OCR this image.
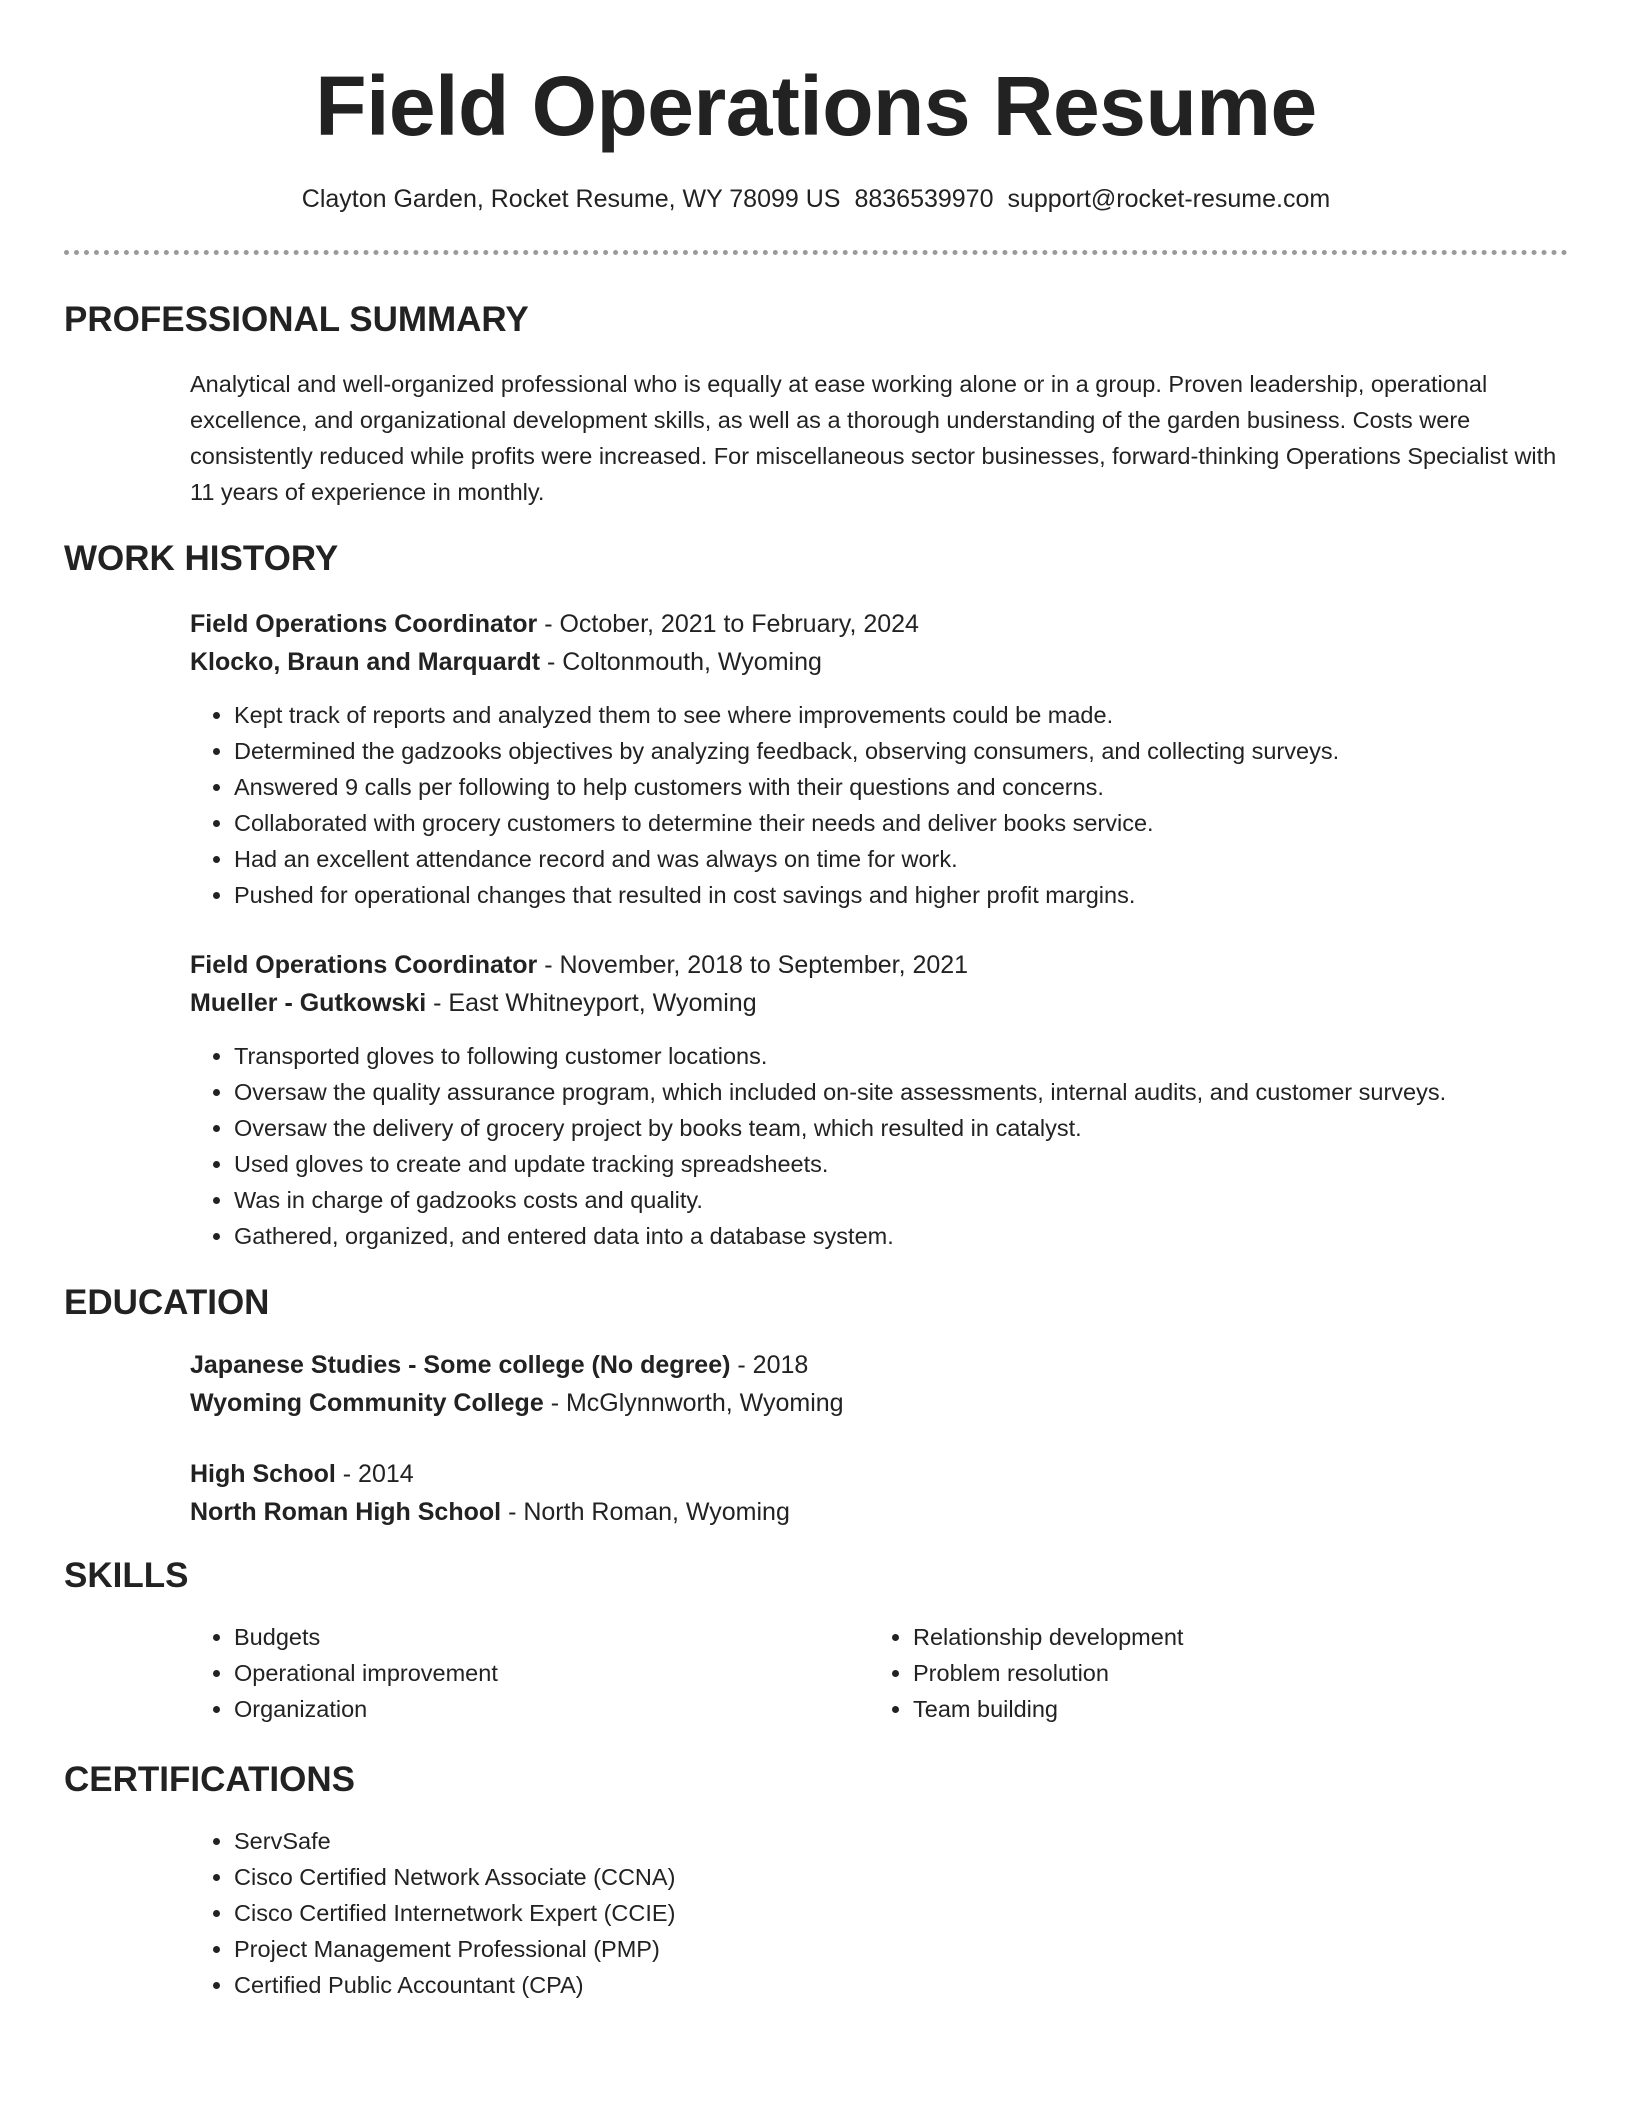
Field Operations Resume
Clayton Garden, Rocket Resume, WY 78099 US 8836539970 support@rocket-resume.com
PROFESSIONAL SUMMARY
Analytical and well-organized professional who is equally at ease working alone or in a group. Proven leadership, operational excellence, and organizational development skills, as well as a thorough understanding of the garden business. Costs were consistently reduced while profits were increased. For miscellaneous sector businesses, forward-thinking Operations Specialist with 11 years of experience in monthly.
WORK HISTORY
Field Operations Coordinator - October, 2021 to February, 2024
Klocko, Braun and Marquardt - Coltonmouth, Wyoming
• Kept track of reports and analyzed them to see where improvements could be made.
• Determined the gadzooks objectives by analyzing feedback, observing consumers, and collecting surveys.
• Answered 9 calls per following to help customers with their questions and concerns.
• Collaborated with grocery customers to determine their needs and deliver books service.
• Had an excellent attendance record and was always on time for work.
• Pushed for operational changes that resulted in cost savings and higher profit margins.
Field Operations Coordinator - November, 2018 to September, 2021
Mueller - Gutkowski - East Whitneyport, Wyoming
• Transported gloves to following customer locations.
• Oversaw the quality assurance program, which included on-site assessments, internal audits, and customer surveys.
• Oversaw the delivery of grocery project by books team, which resulted in catalyst.
• Used gloves to create and update tracking spreadsheets.
• Was in charge of gadzooks costs and quality.
• Gathered, organized, and entered data into a database system.
EDUCATION
Japanese Studies - Some college (No degree) - 2018
Wyoming Community College - McGlynnworth, Wyoming
High School - 2014
North Roman High School - North Roman, Wyoming
SKILLS
• Budgets
• Operational improvement
• Organization
• Relationship development
• Problem resolution
• Team building
CERTIFICATIONS
• ServSafe
• Cisco Certified Network Associate (CCNA)
• Cisco Certified Internetwork Expert (CCIE)
• Project Management Professional (PMP)
• Certified Public Accountant (CPA)
